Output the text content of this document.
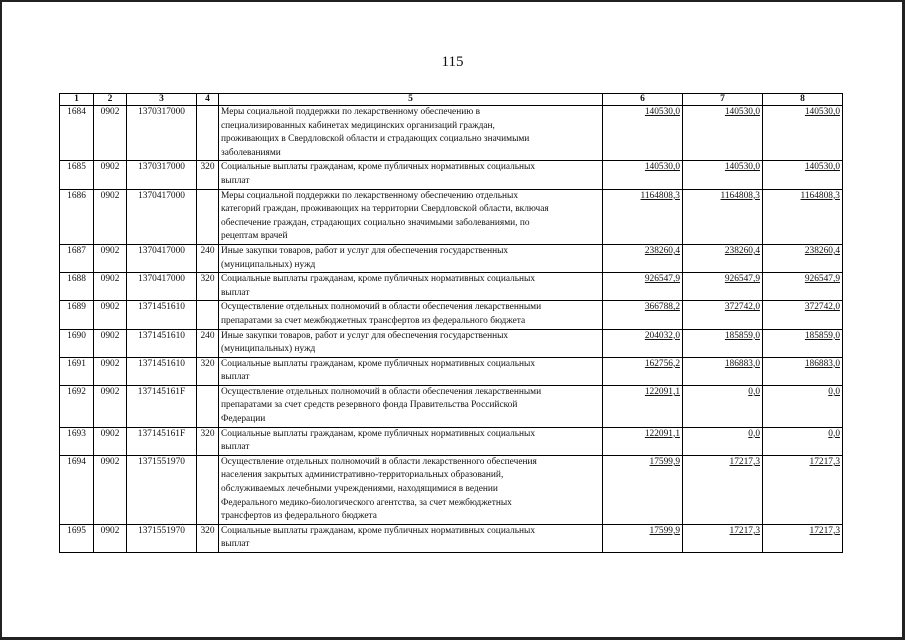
115
1	2	3	4	5	6	7	8
1684	0902	1370317000		Меры социальной поддержки по лекарственному обеспечению в
специализированных кабинетах медицинских организаций граждан,
проживающих в Свердловской области и страдающих социально значимыми
заболеваниями	140530,0	140530,0	140530,0
1685	0902	1370317000	320	Социальные выплаты гражданам, кроме публичных нормативных социальных
выплат	140530,0	140530,0	140530,0
1686	0902	1370417000		Меры социальной поддержки по лекарственному обеспечению отдельных
категорий граждан, проживающих на территории Свердловской области, включая
обеспечение граждан, страдающих социально значимыми заболеваниями, по
рецептам врачей	1164808,3	1164808,3	1164808,3
1687	0902	1370417000	240	Иные закупки товаров, работ и услуг для обеспечения государственных
(муниципальных) нужд	238260,4	238260,4	238260,4
1688	0902	1370417000	320	Социальные выплаты гражданам, кроме публичных нормативных социальных
выплат	926547,9	926547,9	926547,9
1689	0902	1371451610		Осуществление отдельных полномочий в области обеспечения лекарственными
препаратами за счет межбюджетных трансфертов из федерального бюджета	366788,2	372742,0	372742,0
1690	0902	1371451610	240	Иные закупки товаров, работ и услуг для обеспечения государственных
(муниципальных) нужд	204032,0	185859,0	185859,0
1691	0902	1371451610	320	Социальные выплаты гражданам, кроме публичных нормативных социальных
выплат	162756,2	186883,0	186883,0
1692	0902	137145161F		Осуществление отдельных полномочий в области обеспечения лекарственными
препаратами за счет средств резервного фонда Правительства Российской
Федерации	122091,1	0,0	0,0
1693	0902	137145161F	320	Социальные выплаты гражданам, кроме публичных нормативных социальных
выплат	122091,1	0,0	0,0
1694	0902	1371551970		Осуществление отдельных полномочий в области лекарственного обеспечения
населения закрытых административно-территориальных образований,
обслуживаемых лечебными учреждениями, находящимися в ведении
Федерального медико-биологического агентства, за счет межбюджетных
трансфертов из федерального бюджета	17599,9	17217,3	17217,3
1695	0902	1371551970	320	Социальные выплаты гражданам, кроме публичных нормативных социальных
выплат	17599,9	17217,3	17217,3
